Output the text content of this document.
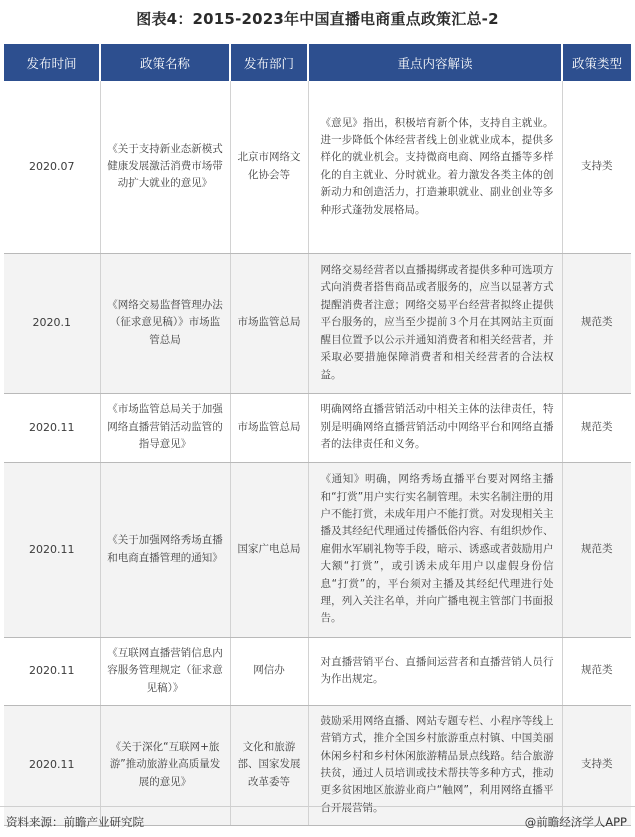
图表4：2015-2023年中国直播电商重点政策汇总-2
发布时间	政策名称	发布部门	重点内容解读	政策类型
2020.07	《关于支持新业态新模式健康发展激活消费市场带动扩大就业的意见》	北京市网络文化协会等	《意见》指出，积极培育新个体，支持自主就业。进一步降低个体经营者线上创业就业成本，提供多样化的就业机会。支持微商电商、网络直播等多样化的自主就业、分时就业。着力激发各类主体的创新动力和创造活力，打造兼职就业、副业创业等多种形式蓬勃发展格局。	支持类
2020.1	《网络交易监督管理办法（征求意见稿）》市场监管总局	市场监管总局	网络交易经营者以直播揭绑或者提供多种可选项方式向消费者搭售商品或者服务的，应当以显著方式提醒消费者注意；网络交易平台经营者拟终止提供平台服务的，应当至少提前３个月在其网站主页面醒目位置予以公示并通知消费者和相关经营者，并采取必要措施保障消费者和相关经营者的合法权益。	规范类
2020.11	《市场监管总局关于加强网络直播营销活动监管的指导意见》	市场监管总局	明确网络直播营销活动中相关主体的法律责任，特别是明确网络直播营销活动中网络平台和网络直播者的法律责任和义务。	规范类
2020.11	《关于加强网络秀场直播和电商直播管理的通知》	国家广电总局	《通知》明确，网络秀场直播平台要对网络主播和“打赏”用户实行实名制管理。未实名制注册的用户不能打赏，未成年用户不能打赏。对发现相关主播及其经纪代理通过传播低俗内容、有组织炒作、雇佣水军刷礼物等手段，暗示、诱惑或者鼓励用户大额“打赏”，或引诱未成年用户以虚假身份信息“打赏”的，平台须对主播及其经纪代理进行处理，列入关注名单，并向广播电视主管部门书面报告。	规范类
2020.11	《互联网直播营销信息内容服务管理规定（征求意见稿）》	网信办	对直播营销平台、直播间运营者和直播营销人员行为作出规定。	规范类
2020.11	《关于深化“互联网+旅游”推动旅游业高质量发展的意见》	文化和旅游部、国家发展改革委等	鼓励采用网络直播、网站专题专栏、小程序等线上营销方式，推介全国乡村旅游重点村镇、中国美丽休闲乡村和乡村休闲旅游精品景点线路。结合旅游扶贫，通过人员培训或技术帮扶等多种方式，推动更多贫困地区旅游业商户“触网”，利用网络直播平台开展营销。	支持类
资料来源：前瞻产业研究院	@前瞻经济学人APP
